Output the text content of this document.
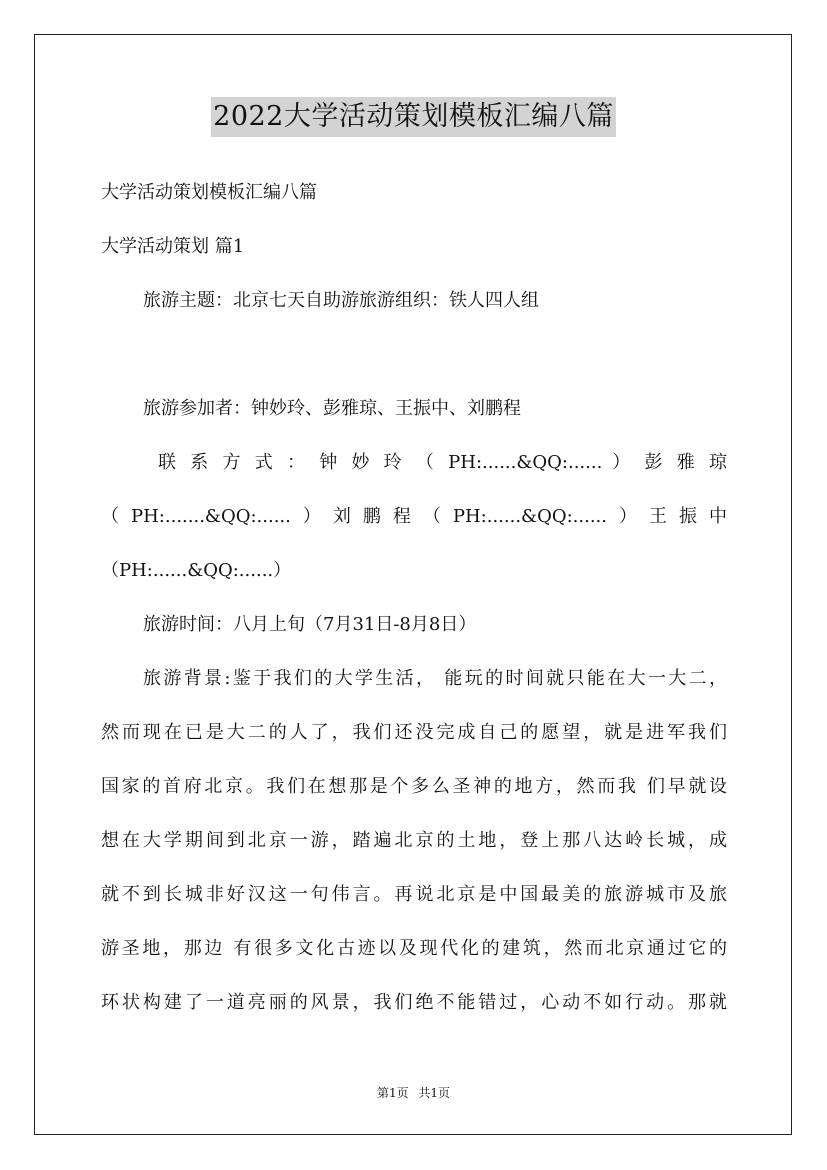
2022大学活动策划模板汇编八篇

大学活动策划模板汇编八篇

大学活动策划 篇1

旅游主题：北京七天自助游旅游组织：铁人四人组

旅游参加者：钟妙玲、彭雅琼、王振中、刘鹏程

联 系 方 式 ： 钟 妙 玲 （ PH:......&QQ:...... ） 彭 雅 琼

（PH:.......&QQ:......）刘鹏程（PH:......&QQ:......）王振中

（PH:......&QQ:......）

旅游时间：八月上旬（7月31日-8月8日）

旅游背景:鉴于我们的大学生活， 能玩的时间就只能在大一大二，

然而现在已是大二的人了，我们还没完成自己的愿望，就是进军我们

国家的首府北京。我们在想那是个多么圣神的地方，然而我 们早就设

想在大学期间到北京一游，踏遍北京的土地，登上那八达岭长城，成

就不到长城非好汉这一句伟言。再说北京是中国最美的旅游城市及旅

游圣地，那边 有很多文化古迹以及现代化的建筑，然而北京通过它的

环状构建了一道亮丽的风景，我们绝不能错过，心动不如行动。那就

第1页 共1页
